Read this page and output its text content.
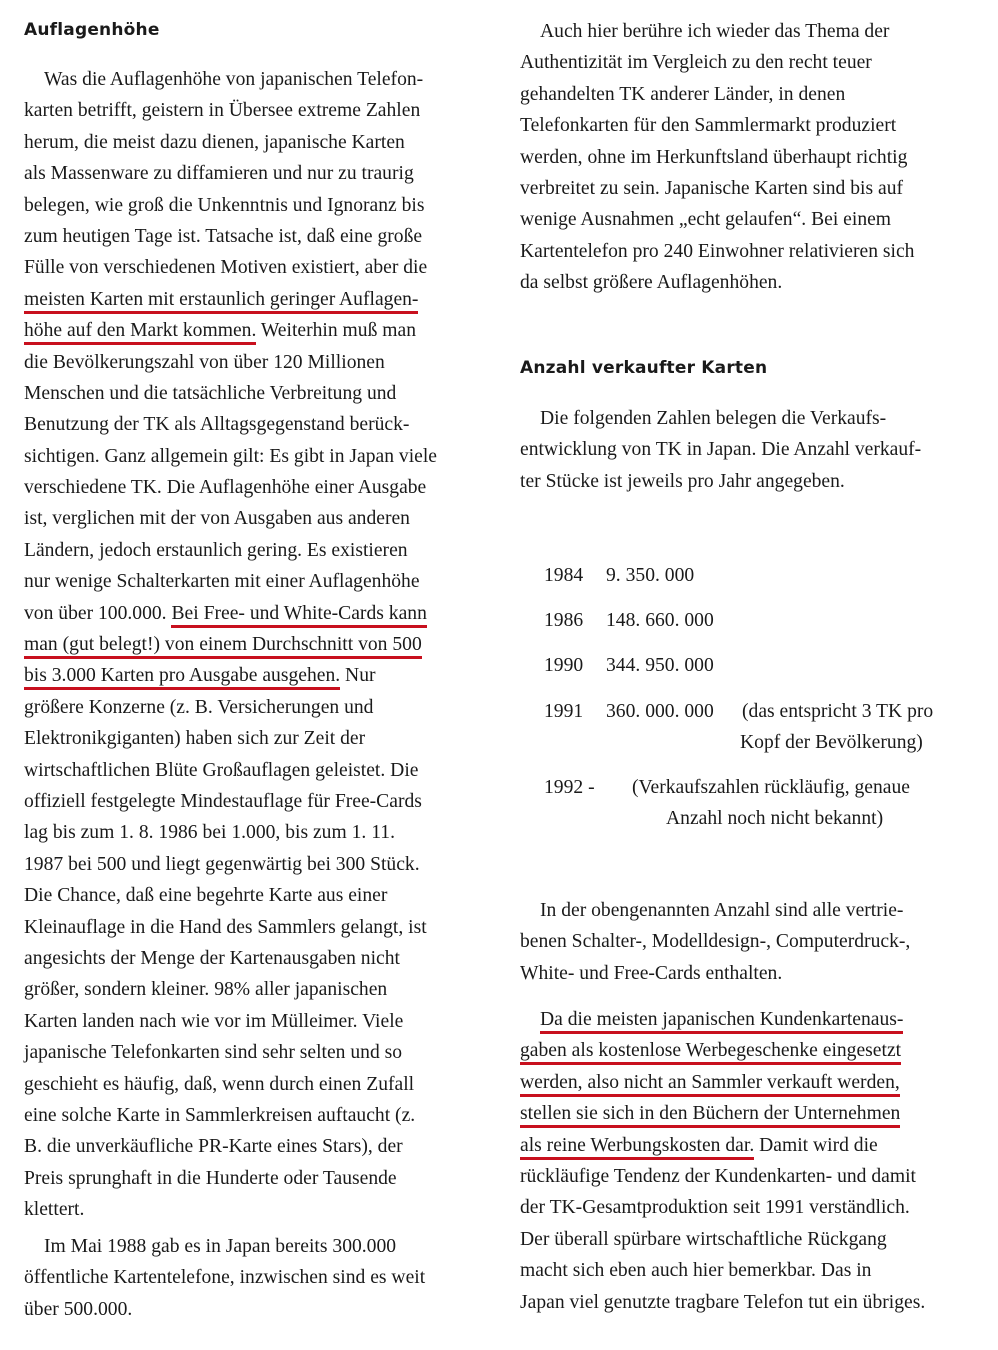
Auflagenhöhe
Was die Auflagenhöhe von japanischen Telefon-
karten betrifft, geistern in Übersee extreme Zahlen
herum, die meist dazu dienen, japanische Karten
als Massenware zu diffamieren und nur zu traurig
belegen, wie groß die Unkenntnis und Ignoranz bis
zum heutigen Tage ist. Tatsache ist, daß eine große
Fülle von verschiedenen Motiven existiert, aber die
meisten Karten mit erstaunlich geringer Auflagen-
höhe auf den Markt kommen. Weiterhin muß man
die Bevölkerungszahl von über 120 Millionen
Menschen und die tatsächliche Verbreitung und
Benutzung der TK als Alltagsgegenstand berück-
sichtigen. Ganz allgemein gilt: Es gibt in Japan viele
verschiedene TK. Die Auflagenhöhe einer Ausgabe
ist, verglichen mit der von Ausgaben aus anderen
Ländern, jedoch erstaunlich gering. Es existieren
nur wenige Schalterkarten mit einer Auflagenhöhe
von über 100.000. Bei Free- und White-Cards kann
man (gut belegt!) von einem Durchschnitt von 500
bis 3.000 Karten pro Ausgabe ausgehen. Nur
größere Konzerne (z. B. Versicherungen und
Elektronikgiganten) haben sich zur Zeit der
wirtschaftlichen Blüte Großauflagen geleistet. Die
offiziell festgelegte Mindestauflage für Free-Cards
lag bis zum 1. 8. 1986 bei 1.000, bis zum 1. 11.
1987 bei 500 und liegt gegenwärtig bei 300 Stück.
Die Chance, daß eine begehrte Karte aus einer
Kleinauflage in die Hand des Sammlers gelangt, ist
angesichts der Menge der Kartenausgaben nicht
größer, sondern kleiner. 98% aller japanischen
Karten landen nach wie vor im Mülleimer. Viele
japanische Telefonkarten sind sehr selten und so
geschieht es häufig, daß, wenn durch einen Zufall
eine solche Karte in Sammlerkreisen auftaucht (z.
B. die unverkäufliche PR-Karte eines Stars), der
Preis sprunghaft in die Hunderte oder Tausende
klettert.
Im Mai 1988 gab es in Japan bereits 300.000
öffentliche Kartentelefone, inzwischen sind es weit
über 500.000.
Auch hier berühre ich wieder das Thema der
Authentizität im Vergleich zu den recht teuer
gehandelten TK anderer Länder, in denen
Telefonkarten für den Sammlermarkt produziert
werden, ohne im Herkunftsland überhaupt richtig
verbreitet zu sein. Japanische Karten sind bis auf
wenige Ausnahmen „echt gelaufen“. Bei einem
Kartentelefon pro 240 Einwohner relativieren sich
da selbst größere Auflagenhöhen.
Anzahl verkaufter Karten
Die folgenden Zahlen belegen die Verkaufs-
entwicklung von TK in Japan. Die Anzahl verkauf-
ter Stücke ist jeweils pro Jahr angegeben.
1984 9. 350. 000
1986 148. 660. 000
1990 344. 950. 000
1991 360. 000. 000 (das entspricht 3 TK pro
Kopf der Bevölkerung)
1992 - (Verkaufszahlen rückläufig, genaue
Anzahl noch nicht bekannt)
In der obengenannten Anzahl sind alle vertrie-
benen Schalter-, Modelldesign-, Computerdruck-,
White- und Free-Cards enthalten.
Da die meisten japanischen Kundenkartenaus-
gaben als kostenlose Werbegeschenke eingesetzt
werden, also nicht an Sammler verkauft werden,
stellen sie sich in den Büchern der Unternehmen
als reine Werbungskosten dar. Damit wird die
rückläufige Tendenz der Kundenkarten- und damit
der TK-Gesamtproduktion seit 1991 verständlich.
Der überall spürbare wirtschaftliche Rückgang
macht sich eben auch hier bemerkbar. Das in
Japan viel genutzte tragbare Telefon tut ein übriges.
